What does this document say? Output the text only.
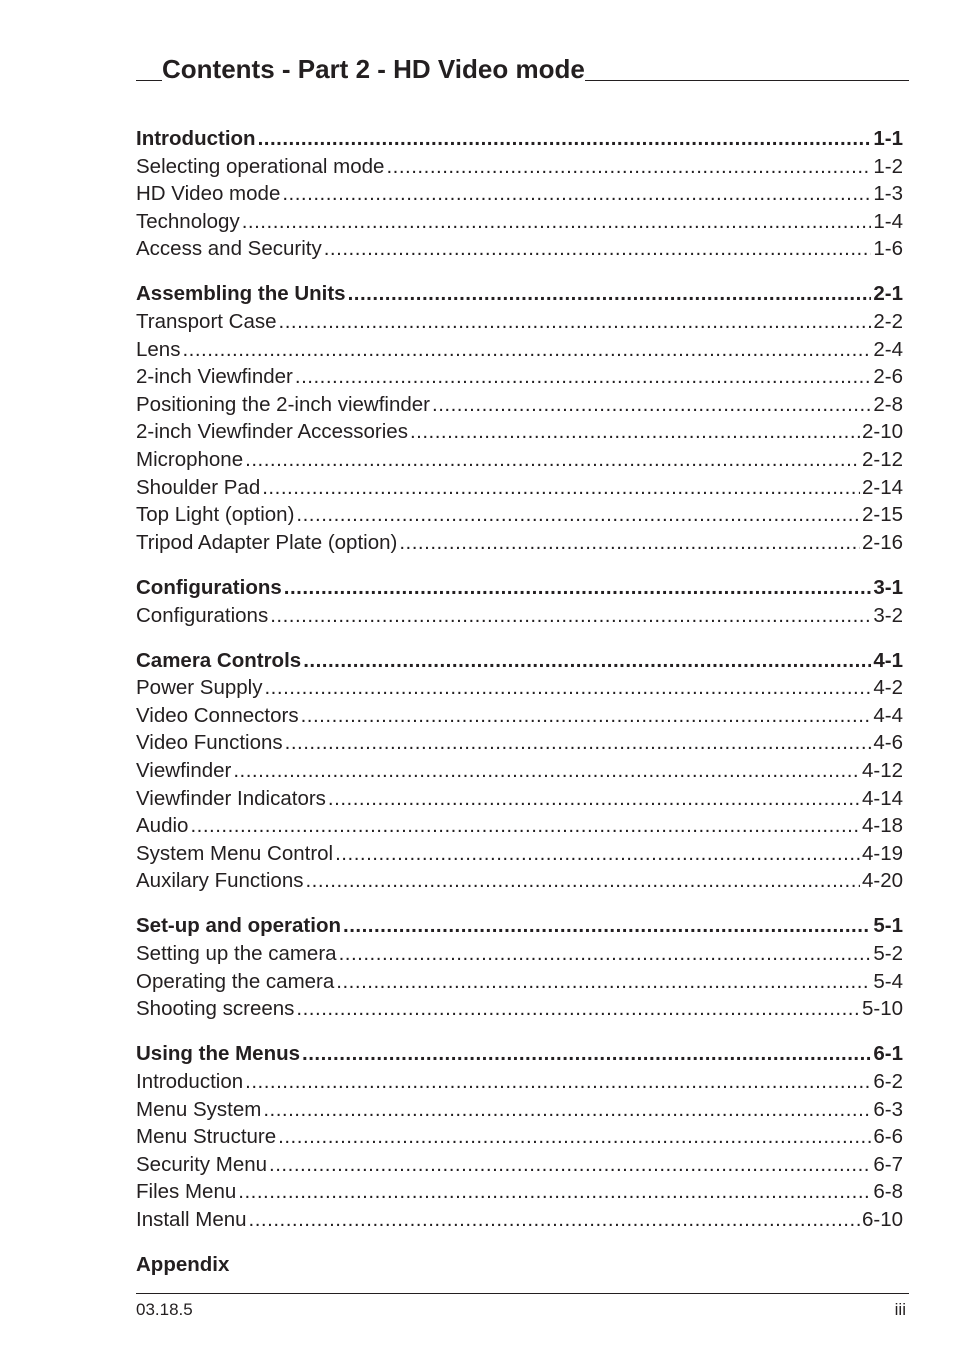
Contents - Part 2 - HD Video mode
Introduction .....	1-1
Selecting operational mode .....	1-2
HD Video mode .....	1-3
Technology .....	1-4
Access and Security .....	1-6
Assembling the Units .....	2-1
Transport Case .....	2-2
Lens .....	2-4
2-inch Viewfinder .....	2-6
Positioning the 2-inch viewfinder .....	2-8
2-inch Viewfinder Accessories .....	2-10
Microphone .....	2-12
Shoulder Pad .....	2-14
Top Light (option) .....	2-15
Tripod Adapter Plate (option) .....	2-16
Configurations .....	3-1
Configurations .....	3-2
Camera Controls .....	4-1
Power Supply .....	4-2
Video Connectors .....	4-4
Video Functions .....	4-6
Viewfinder .....	4-12
Viewfinder Indicators .....	4-14
Audio .....	4-18
System Menu Control .....	4-19
Auxilary Functions .....	4-20
Set-up and operation .....	5-1
Setting up the camera .....	5-2
Operating the camera .....	5-4
Shooting screens .....	5-10
Using the Menus .....	6-1
Introduction .....	6-2
Menu System .....	6-3
Menu Structure .....	6-6
Security Menu .....	6-7
Files Menu .....	6-8
Install Menu .....	6-10
Appendix
03.18.5	iii
